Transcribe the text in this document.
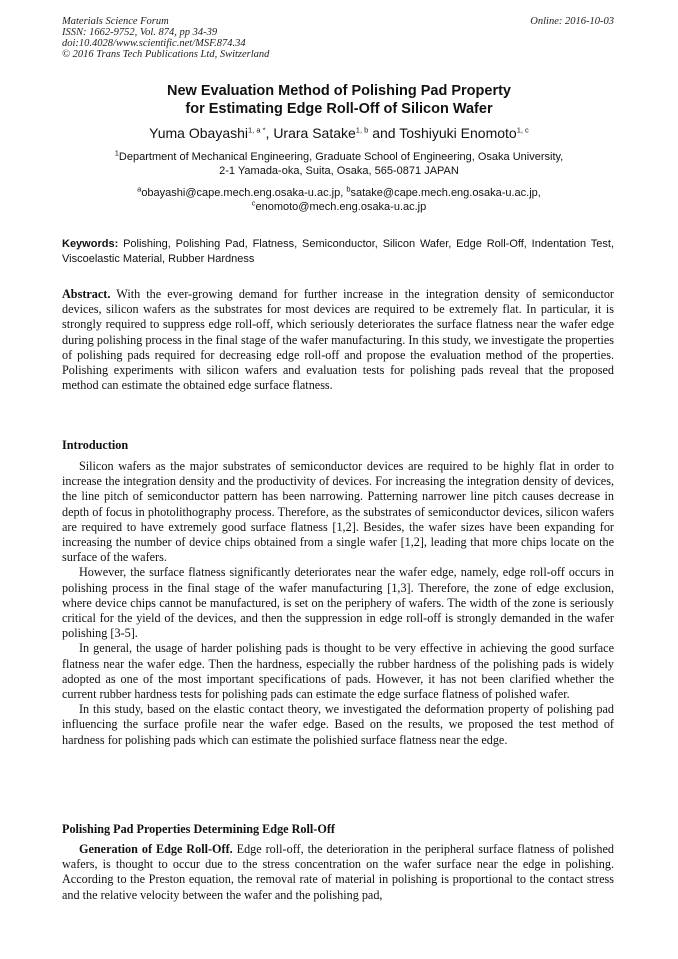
Materials Science Forum
ISSN: 1662-9752, Vol. 874, pp 34-39
doi:10.4028/www.scientific.net/MSF.874.34
© 2016 Trans Tech Publications Ltd, Switzerland
Online: 2016-10-03
New Evaluation Method of Polishing Pad Property
for Estimating Edge Roll-Off of Silicon Wafer
Yuma Obayashi$^{1, a *}$, Urara Satake$^{1, b}$ and Toshiyuki Enomoto$^{1, c}$
$^1$Department of Mechanical Engineering, Graduate School of Engineering, Osaka University,
2-1 Yamada-oka, Suita, Osaka, 565-0871 JAPAN
$^a$obayashi@cape.mech.eng.osaka-u.ac.jp, $^b$satake@cape.mech.eng.osaka-u.ac.jp,
$^c$enomoto@mech.eng.osaka-u.ac.jp
Keywords: Polishing, Polishing Pad, Flatness, Semiconductor, Silicon Wafer, Edge Roll-Off, Indentation Test, Viscoelastic Material, Rubber Hardness
Abstract. With the ever-growing demand for further increase in the integration density of semiconductor devices, silicon wafers as the substrates for most devices are required to be extremely flat. In particular, it is strongly required to suppress edge roll-off, which seriously deteriorates the surface flatness near the wafer edge during polishing process in the final stage of the wafer manufacturing. In this study, we investigate the properties of polishing pads required for decreasing edge roll-off and propose the evaluation method of the properties. Polishing experiments with silicon wafers and evaluation tests for polishing pads reveal that the proposed method can estimate the obtained edge surface flatness.
Introduction

Silicon wafers as the major substrates of semiconductor devices are required to be highly flat in order to increase the integration density and the productivity of devices. For increasing the integration density of devices, the line pitch of semiconductor pattern has been narrowing. Patterning narrower line pitch causes decrease in depth of focus in photolithography process. Therefore, as the substrates of semiconductor devices, silicon wafers are required to have extremely good surface flatness [1,2]. Besides, the wafer sizes have been expanding for increasing the number of device chips obtained from a single wafer [1,2], leading that more chips locate on the surface of the wafers.

However, the surface flatness significantly deteriorates near the wafer edge, namely, edge roll-off occurs in polishing process in the final stage of the wafer manufacturing [1,3]. Therefore, the zone of edge exclusion, where device chips cannot be manufactured, is set on the periphery of wafers. The width of the zone is seriously critical for the yield of the devices, and then the suppression in edge roll-off is strongly demanded in the wafer polishing [3-5].

In general, the usage of harder polishing pads is thought to be very effective in achieving the good surface flatness near the wafer edge. Then the hardness, especially the rubber hardness of the polishing pads is widely adopted as one of the most important specifications of pads. However, it has not been clarified whether the current rubber hardness tests for polishing pads can estimate the edge surface flatness of polished wafer.

In this study, based on the elastic contact theory, we investigated the deformation property of polishing pad influencing the surface profile near the wafer edge. Based on the results, we proposed the test method of hardness for polishing pads which can estimate the polishied surface flatness near the edge.

Polishing Pad Properties Determining Edge Roll-Off

Generation of Edge Roll-Off. Edge roll-off, the deterioration in the peripheral surface flatness of polished wafers, is thought to occur due to the stress concentration on the wafer surface near the edge in polishing. According to the Preston equation, the removal rate of material in polishing is proportional to the contact stress and the relative velocity between the wafer and the polishing pad,
